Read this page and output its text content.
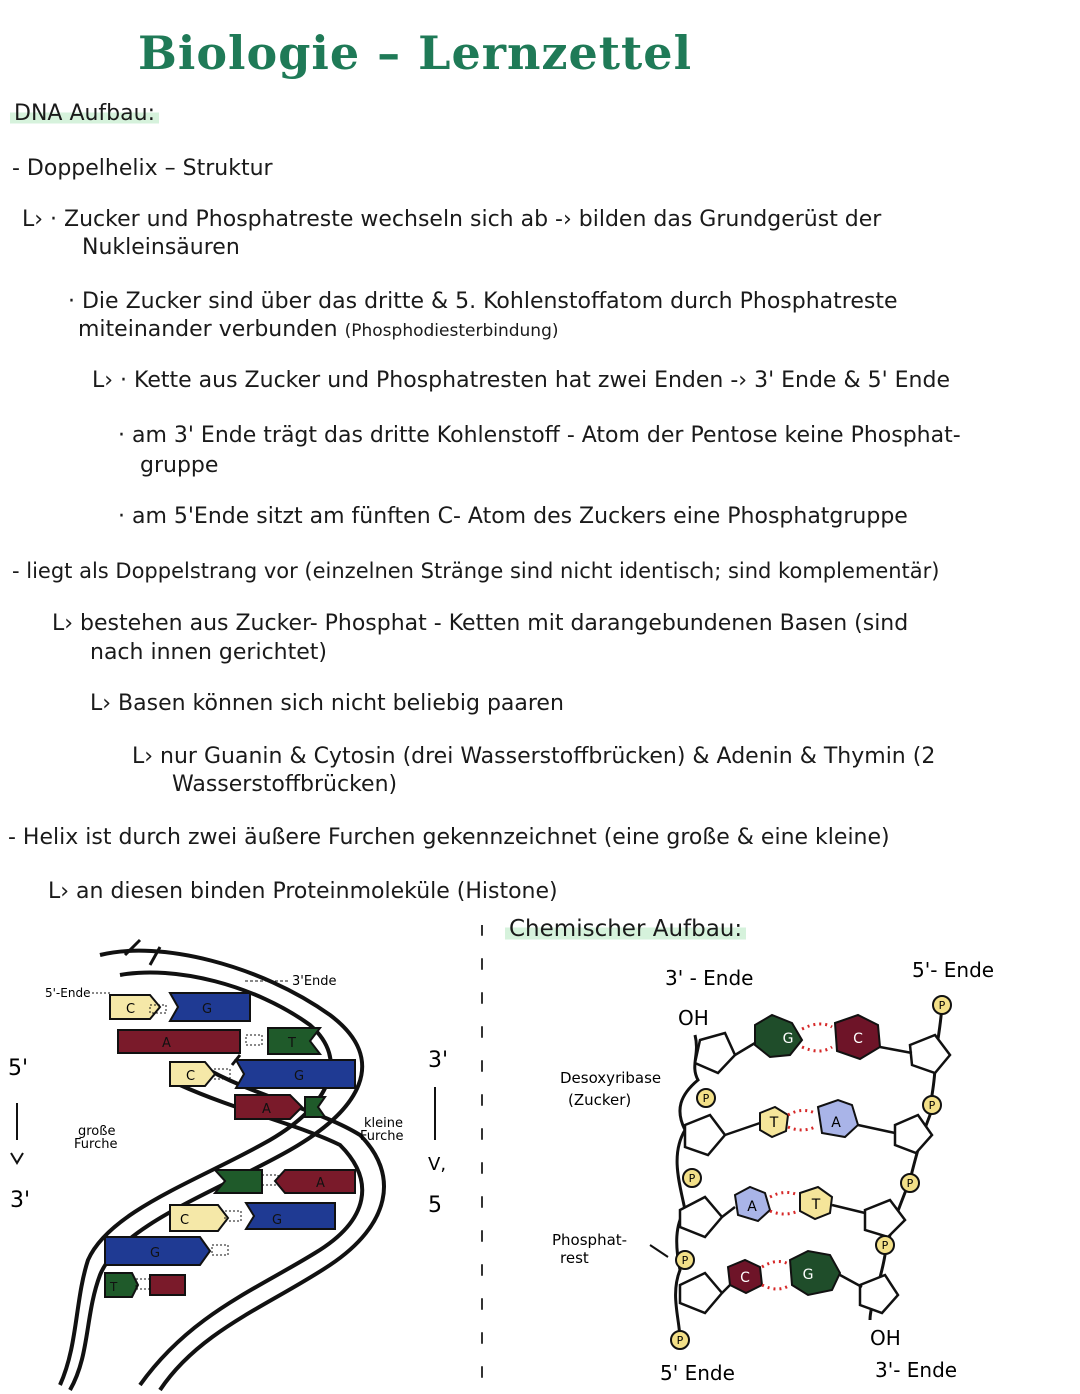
Biologie – Lernzettel
DNA Aufbau:
- Doppelhelix – Struktur
L› · Zucker und Phosphatreste wechseln sich ab -› bilden das Grundgerüst der
Nukleinsäuren
· Die Zucker sind über das dritte & 5. Kohlenstoffatom durch Phosphatreste
miteinander verbunden (Phosphodiesterbindung)
L› · Kette aus Zucker und Phosphatresten hat zwei Enden -› 3' Ende & 5' Ende
· am 3' Ende trägt das dritte Kohlenstoff - Atom der Pentose keine Phosphat-
gruppe
· am 5'Ende sitzt am fünften C- Atom des Zuckers eine Phosphatgruppe
- liegt als Doppelstrang vor (einzelnen Stränge sind nicht identisch; sind komplementär)
L› bestehen aus Zucker- Phosphat - Ketten mit darangebundenen Basen (sind
nach innen gerichtet)
L› Basen können sich nicht beliebig paaren
L› nur Guanin & Cytosin (drei Wasserstoffbrücken) & Adenin & Thymin (2
Wasserstoffbrücken)
- Helix ist durch zwei äußere Furchen gekennzeichnet (eine große & eine kleine)
L› an diesen binden Proteinmoleküle (Histone)
Chemischer Aufbau:
C	G
A	T
C	G
A
A
C	G
G
T
5'-Ende
3'Ende
5'
3'
3'
V,
5
große
Furche
kleine
Furche
3' - Ende	5'- Ende
OH
OH
Desoxyribase
(Zucker)
Phosphat-
rest
5' Ende	3'- Ende
P
P
P
P	P
P
P
P
G	C
T	A
A	T
C	G
